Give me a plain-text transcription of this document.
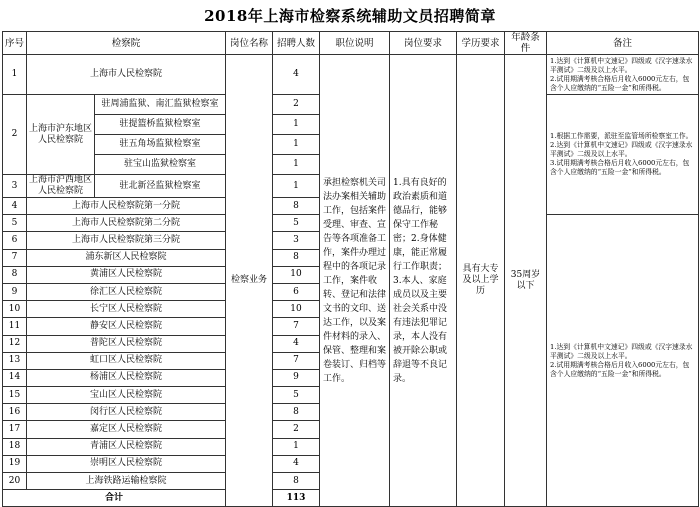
2018年上海市检察系统辅助文员招聘简章
序号	检察院		岗位名称	招聘人数	职位说明	岗位要求	学历要求	年龄条件	备注
1	上海市人民检察院		检察业务	4	承担检察机关司法办案相关辅助工作，包括案件受理、审查、宣告等各项准备工作，案件办理过程中的各项记录工作，案件收转、登记和法律文书的文印、送达工作，以及案件材料的录入、保管、整理和案卷装订、归档等工作。	1.具有良好的政治素质和道德品行，能够保守工作秘密；2.身体健康，能正常履行工作职责；3.本人、家庭成员以及主要社会关系中没有违法犯罪记录，本人没有被开除公职或辞退等不良记录。	具有大专及以上学历	35周岁以下	1.达到《计算机中文速记》四级或《汉字速录水平测试》二级及以上水平。

2.试用期满考核合格后月收入6000元左右，包含个人应缴纳的“五险一金”和所得税。

2	上海市沪东地区人民检察院	驻周浦监狱、南汇监狱检察室		2					1.根据工作需要，派驻至监管场所检察室工作。

2.达到《计算机中文速记》四级或《汉字速录水平测试》二级及以上水平。

3.试用期满考核合格后月收入6000元左右，包含个人应缴纳的“五险一金”和所得税。

		驻提篮桥监狱检察室		1					
		驻五角场监狱检察室		1					
		驻宝山监狱检察室		1					
3	上海市沪西地区人民检察院	驻北新泾监狱检察室		1					
4	上海市人民检察院第一分院			8					
5	上海市人民检察院第二分院			5					1.达到《计算机中文速记》四级或《汉字速录水平测试》二级及以上水平。

2.试用期满考核合格后月收入6000元左右，包含个人应缴纳的“五险一金”和所得税。

6	上海市人民检察院第三分院			3					
7	浦东新区人民检察院			8					
8	黄浦区人民检察院			10					
9	徐汇区人民检察院			6					
10	长宁区人民检察院			10					
11	静安区人民检察院			7					
12	普陀区人民检察院			4					
13	虹口区人民检察院			7					
14	杨浦区人民检察院			9					
15	宝山区人民检察院			5					
16	闵行区人民检察院			8					
17	嘉定区人民检察院			2					
18	青浦区人民检察院			1					
19	崇明区人民检察院			4					
20	上海铁路运输检察院			8					
合计				113					
